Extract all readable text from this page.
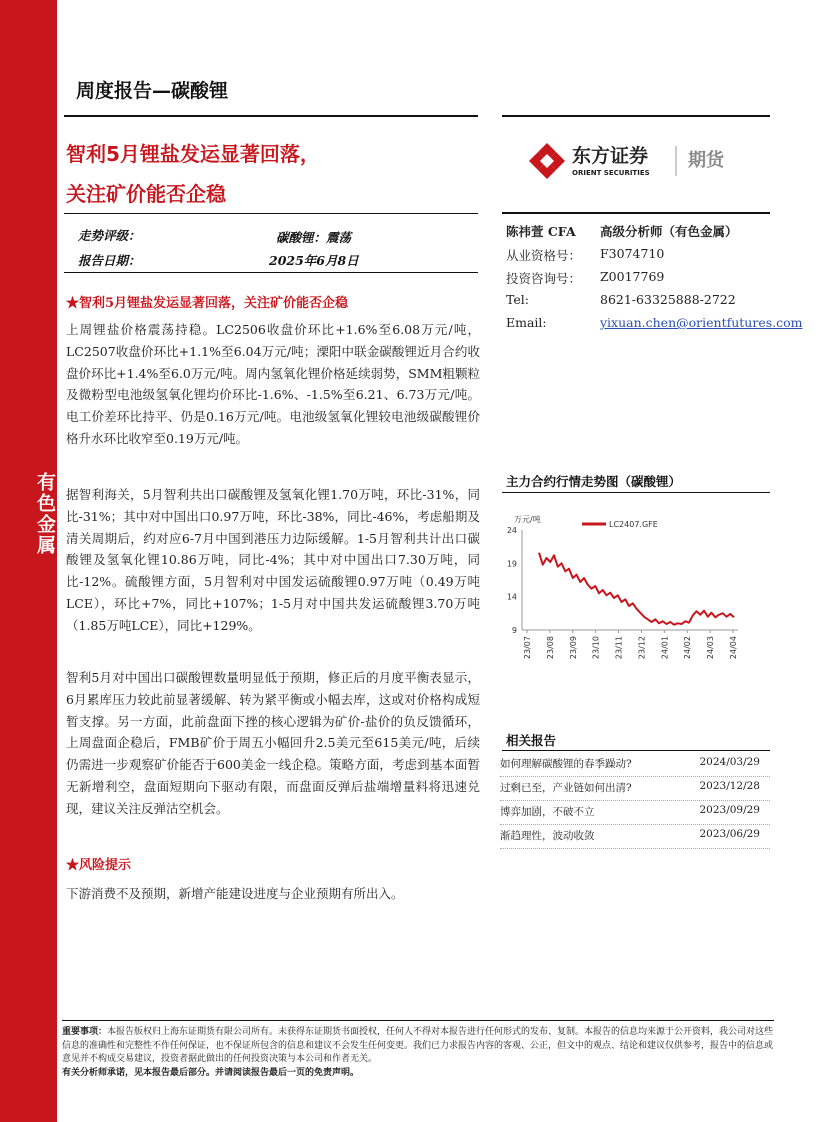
有色金属
周度报告—碳酸锂
智利5月锂盐发运显著回落，
关注矿价能否企稳
走势评级：	碳酸锂：震荡
报告日期：	2025年6月8日
★智利5月锂盐发运显著回落，关注矿价能否企稳

上周锂盐价格震荡持稳。LC2506收盘价环比+1.6%至6.08万元/吨，LC2507收盘价环比+1.1%至6.04万元/吨；溧阳中联金碳酸锂近月合约收盘价环比+1.4%至6.0万元/吨。周内氢氧化锂价格延续弱势，SMM粗颗粒及微粉型电池级氢氧化锂均价环比-1.6%、-1.5%至6.21、6.73万元/吨。电工价差环比持平、仍是0.16万元/吨。电池级氢氧化锂较电池级碳酸锂价格升水环比收窄至0.19万元/吨。

据智利海关，5月智利共出口碳酸锂及氢氧化锂1.70万吨，环比-31%，同比-31%；其中对中国出口0.97万吨，环比-38%，同比-46%，考虑船期及清关周期后，约对应6-7月中国到港压力边际缓解。1-5月智利共计出口碳酸锂及氢氧化锂10.86万吨，同比-4%；其中对中国出口7.30万吨，同比-12%。硫酸锂方面，5月智利对中国发运硫酸锂0.97万吨（0.49万吨LCE），环比+7%，同比+107%；1-5月对中国共发运硫酸锂3.70万吨（1.85万吨LCE），同比+129%。

智利5月对中国出口碳酸锂数量明显低于预期，修正后的月度平衡表显示，6月累库压力较此前显著缓解、转为紧平衡或小幅去库，这或对价格构成短暂支撑。另一方面，此前盘面下挫的核心逻辑为矿价-盐价的负反馈循环，上周盘面企稳后，FMB矿价于周五小幅回升2.5美元至615美元/吨，后续仍需进一步观察矿价能否于600美金一线企稳。策略方面，考虑到基本面暂无新增利空，盘面短期向下驱动有限，而盘面反弹后盐端增量料将迅速兑现，建议关注反弹沽空机会。

★风险提示
下游消费不及预期，新增产能建设进度与企业预期有所出入。
东方证券
ORIENT SECURITIES
期货
陈祎萱 CFA 高级分析师（有色金属）
从业资格号： F3074710
投资咨询号： Z0017769
Tel:	8621-63325888-2722
Email:	yixuan.chen@orientfutures.com
主力合约行情走势图（碳酸锂）
万元/吨
9
14
19
24
23/07 23/08 23/09 23/10 23/11 23/12 24/01 24/02 24/03 24/04
LC2407.GFE
相关报告
如何理解碳酸锂的春季躁动?	2024/03/29
过剩已至，产业链如何出清?	2023/12/28
博弈加剧，不破不立	2023/09/29
渐趋理性，波动收敛	2023/06/29
重要事项：本报告版权归上海东证期货有限公司所有。未获得东证期货书面授权，任何人不得对本报告进行任何形式的发布、复制。本报告的信息均来源于公开资料，我公司对这些信息的准确性和完整性不作任何保证，也不保证所包含的信息和建议不会发生任何变更。我们已力求报告内容的客观、公正，但文中的观点、结论和建议仅供参考，报告中的信息或意见并不构成交易建议，投资者据此做出的任何投资决策与本公司和作者无关。
有关分析师承诺，见本报告最后部分。并请阅读报告最后一页的免责声明。
